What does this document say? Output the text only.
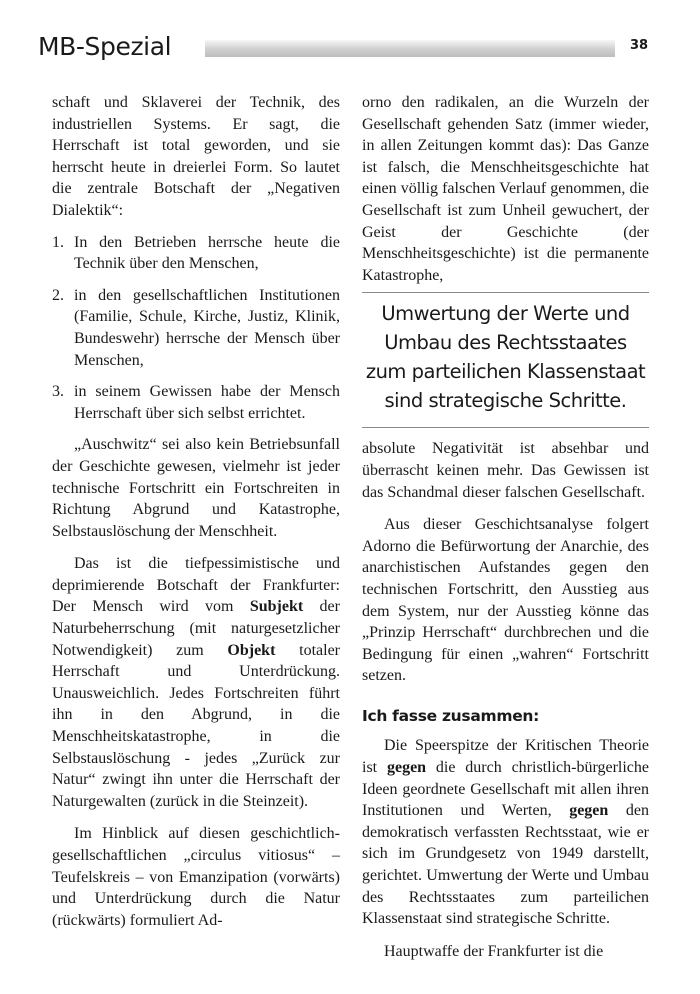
MB-Spezial	38

schaft und Sklaverei der Technik, des industriellen Systems. Er sagt, die Herrschaft ist total geworden, und sie herrscht heute in dreierlei Form. So lautet die zentrale Botschaft der „Negativen Dialektik“:

1. In den Betrieben herrsche heute die Technik über den Menschen,
2. in den gesellschaftlichen Institutionen (Familie, Schule, Kirche, Justiz, Klinik, Bundeswehr) herrsche der Mensch über Menschen,
3. in seinem Gewissen habe der Mensch Herrschaft über sich selbst errichtet.

„Auschwitz“ sei also kein Betriebsunfall der Geschichte gewesen, vielmehr ist jeder technische Fortschritt ein Fortschreiten in Richtung Abgrund und Katastrophe, Selbstauslöschung der Menschheit.

Das ist die tiefpessimistische und deprimierende Botschaft der Frankfurter: Der Mensch wird vom Subjekt der Naturbeherrschung (mit naturgesetzlicher Notwendigkeit) zum Objekt totaler Herrschaft und Unterdrückung. Unausweichlich. Jedes Fortschreiten führt ihn in den Abgrund, in die Menschheitskatastrophe, in die Selbstauslöschung - jedes „Zurück zur Natur“ zwingt ihn unter die Herrschaft der Naturgewalten (zurück in die Steinzeit).

Im Hinblick auf diesen geschichtlich-gesellschaftlichen „circulus vitiosus“ – Teufelskreis – von Emanzipation (vorwärts) und Unterdrückung durch die Natur (rückwärts) formuliert Ad-

orno den radikalen, an die Wurzeln der Gesellschaft gehenden Satz (immer wieder, in allen Zeitungen kommt das): Das Ganze ist falsch, die Menschheitsgeschichte hat einen völlig falschen Verlauf genommen, die Gesellschaft ist zum Unheil gewuchert, der Geist der Geschichte (der Menschheitsgeschichte) ist die permanente Katastrophe,

Umwertung der Werte und Umbau des Rechtsstaates zum parteilichen Klassenstaat sind strategische Schritte.

absolute Negativität ist absehbar und überrascht keinen mehr. Das Gewissen ist das Schandmal dieser falschen Gesellschaft.

Aus dieser Geschichtsanalyse folgert Adorno die Befürwortung der Anarchie, des anarchistischen Aufstandes gegen den technischen Fortschritt, den Ausstieg aus dem System, nur der Ausstieg könne das „Prinzip Herrschaft“ durchbrechen und die Bedingung für einen „wahren“ Fortschritt setzen.

Ich fasse zusammen:

Die Speerspitze der Kritischen Theorie ist gegen die durch christlich-bürgerliche Ideen geordnete Gesellschaft mit allen ihren Institutionen und Werten, gegen den demokratisch verfassten Rechtsstaat, wie er sich im Grundgesetz von 1949 darstellt, gerichtet. Umwertung der Werte und Umbau des Rechtsstaates zum parteilichen Klassenstaat sind strategische Schritte.

Hauptwaffe der Frankfurter ist die
